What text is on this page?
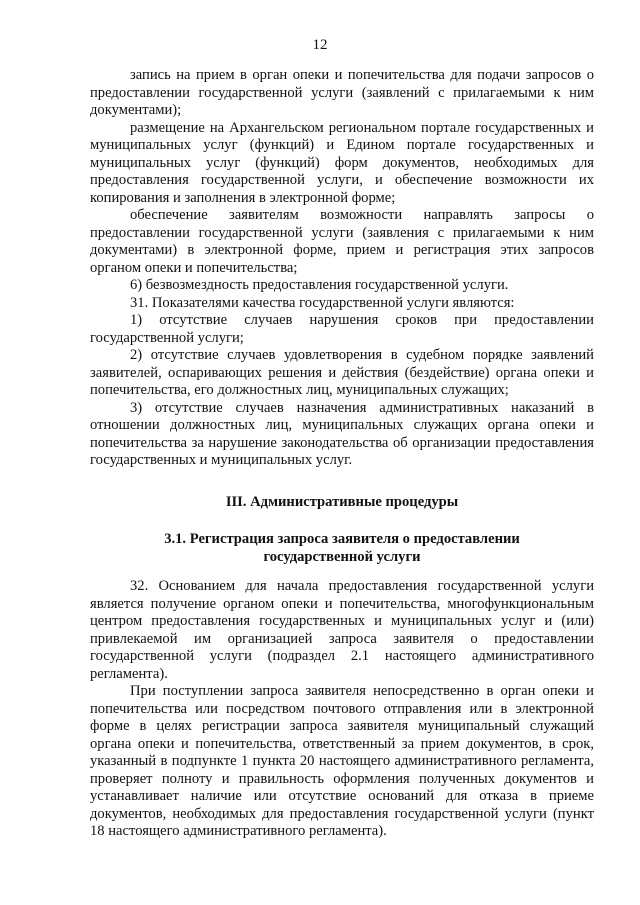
12

запись на прием в орган опеки и попечительства для подачи запросов о предоставлении государственной услуги (заявлений с прилагаемыми к ним документами);

размещение на Архангельском региональном портале государственных и муниципальных услуг (функций) и Едином портале государственных и муниципальных услуг (функций) форм документов, необходимых для предоставления государственной услуги, и обеспечение возможности их копирования и заполнения в электронной форме;

обеспечение заявителям возможности направлять запросы о предоставлении государственной услуги (заявления с прилагаемыми к ним документами) в электронной форме, прием и регистрация этих запросов органом опеки и попечительства;

6) безвозмездность предоставления государственной услуги.

31. Показателями качества государственной услуги являются:

1) отсутствие случаев нарушения сроков при предоставлении государственной услуги;

2) отсутствие случаев удовлетворения в судебном порядке заявлений заявителей, оспаривающих решения и действия (бездействие) органа опеки и попечительства, его должностных лиц, муниципальных служащих;

3) отсутствие случаев назначения административных наказаний в отношении должностных лиц, муниципальных служащих органа опеки и попечительства за нарушение законодательства об организации предоставления государственных и муниципальных услуг.

III. Административные процедуры
3.1. Регистрация запроса заявителя о предоставлении
государственной услуги

32. Основанием для начала предоставления государственной услуги является получение органом опеки и попечительства, многофункциональным центром предоставления государственных и муниципальных услуг и (или) привлекаемой им организацией запроса заявителя о предоставлении государственной услуги (подраздел 2.1 настоящего административного регламента).

При поступлении запроса заявителя непосредственно в орган опеки и попечительства или посредством почтового отправления или в электронной форме в целях регистрации запроса заявителя муниципальный служащий органа опеки и попечительства, ответственный за прием документов, в срок, указанный в подпункте 1 пункта 20 настоящего административного регламента, проверяет полноту и правильность оформления полученных документов и устанавливает наличие или отсутствие оснований для отказа в приеме документов, необходимых для предоставления государственной услуги (пункт 18 настоящего административного регламента).
